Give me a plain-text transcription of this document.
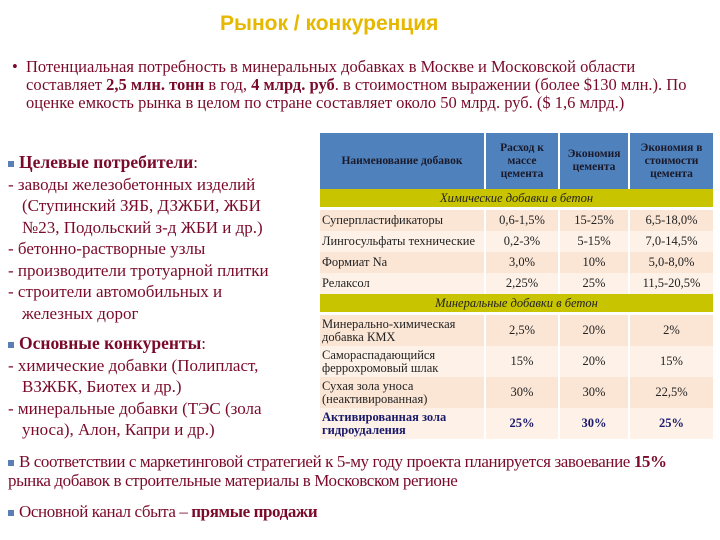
Рынок / конкуренция
• Потенциальная потребность в минеральных добавках в Москве и Московской области составляет 2,5 млн. тонн в год, 4 млрд. руб. в стоимостном выражении (более $130 млн.). По оценке емкость рынка в целом по стране составляет около 50 млрд. руб. ($ 1,6 млрд.)
Целевые потребители:
- заводы железобетонных изделий
(Ступинский ЗЯБ, ДЗЖБИ, ЖБИ
№23, Подольский з-д ЖБИ и др.)
- бетонно-растворные узлы
- производители тротуарной плитки
- строители автомобильных и
железных дорог
Основные конкуренты:
- химические добавки (Полипласт,
ВЗЖБК, Биотех и др.)
- минеральные добавки (ТЭС (зола
уноса), Алон, Капри и др.)
Наименование добавок	Расход к массе цемента	Экономия цемента	Экономия в стоимости цемента
Химические добавки в бетон			
Суперпластификаторы	0,6-1,5%	15-25%	6,5-18,0%
Лингосульфаты технические	0,2-3%	5-15%	7,0-14,5%
Формиат Na	3,0%	10%	5,0-8,0%
Релаксол	2,25%	25%	11,5-20,5%
Минеральные добавки в бетон			
Минерально-химическая добавка КМХ	2,5%	20%	2%
Самораспадающийся феррохромовый шлак	15%	20%	15%
Сухая зола уноса (неактивированная)	30%	30%	22,5%
Активированная зола гидроудаления	25%	30%	25%
В соответствии с маркетинговой стратегией к 5-му году проекта планируется завоевание 15% рынка добавок в строительные материалы в Московском регионе
Основной канал сбыта – прямые продажи
